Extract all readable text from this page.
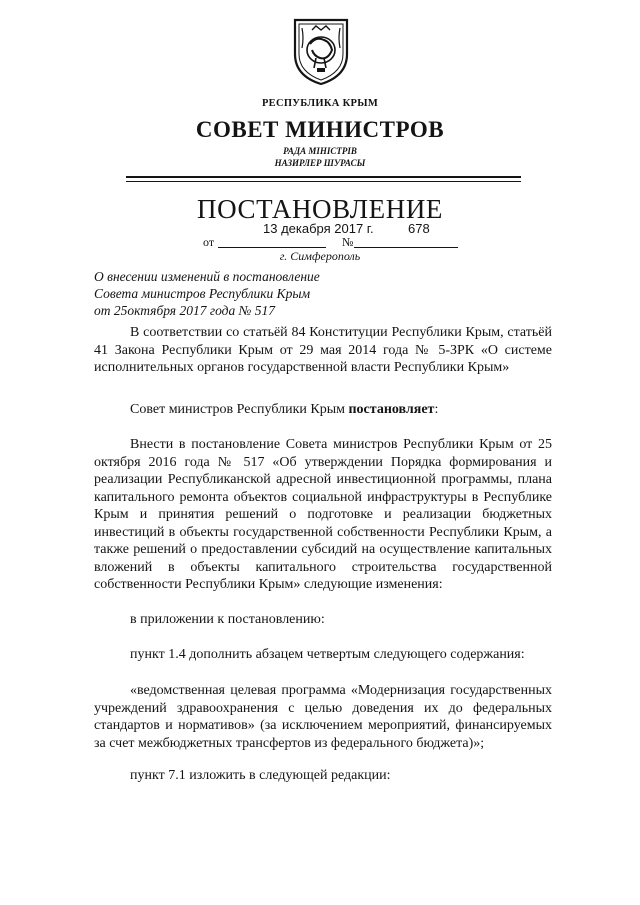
РЕСПУБЛИКА КРЫМ
СОВЕТ МИНИСТРОВ
РАДА МІНІСТРІВ
НАЗИРЛЕР ШУРАСЫ
ПОСТАНОВЛЕНИЕ
13 декабря 2017 г.	678
от	№
г. Симферополь
О внесении изменений в постановление
Совета министров Республики Крым
от 25октября 2017 года № 517

В соответствии со статьёй 84 Конституции Республики Крым, статьёй 41 Закона Республики Крым от 29 мая 2014 года № 5-ЗРК «О системе исполнительных органов государственной власти Республики Крым»

Совет министров Республики Крым постановляет:

Внести в постановление Совета министров Республики Крым от 25 октября 2016 года № 517 «Об утверждении Порядка формирования и реализации Республиканской адресной инвестиционной программы, плана капитального ремонта объектов социальной инфраструктуры в Республике Крым и принятия решений о подготовке и реализации бюджетных инвестиций в объекты государственной собственности Республики Крым, а также решений о предоставлении субсидий на осуществление капитальных вложений в объекты капитального строительства государственной собственности Республики Крым» следующие изменения:

в приложении к постановлению:

пункт 1.4 дополнить абзацем четвертым следующего содержания:

«ведомственная целевая программа «Модернизация государственных учреждений здравоохранения с целью доведения их до федеральных стандартов и нормативов» (за исключением мероприятий, финансируемых за счет межбюджетных трансфертов из федерального бюджета)»;

пункт 7.1 изложить в следующей редакции:
